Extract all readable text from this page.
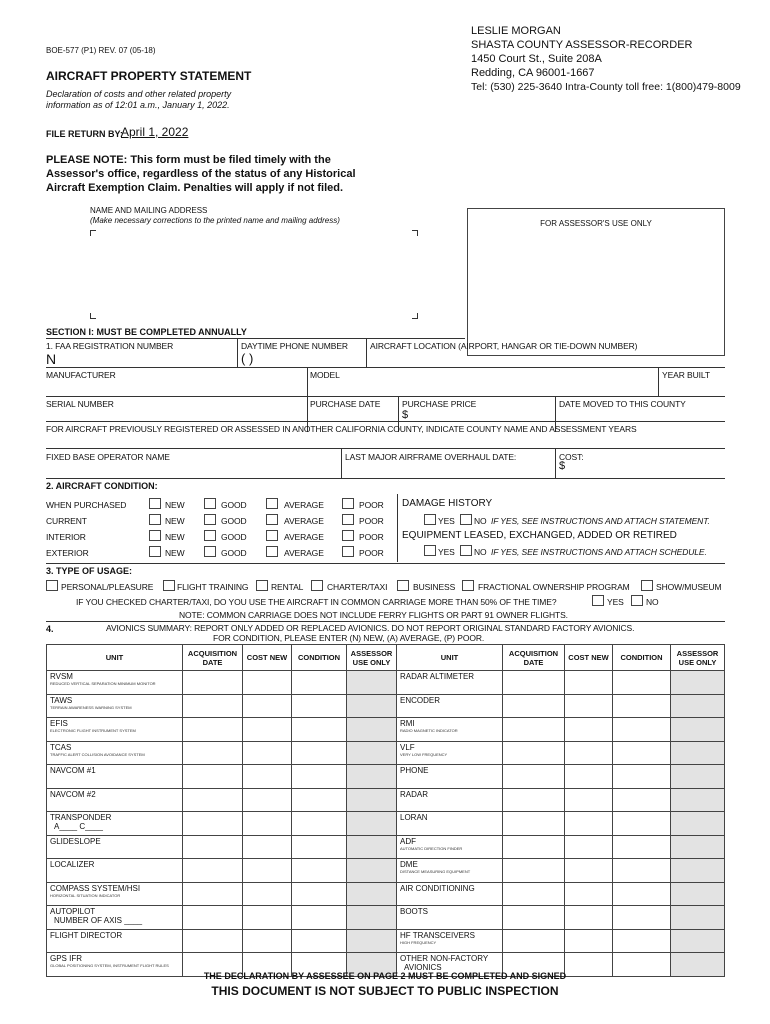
BOE-577 (P1) REV. 07 (05-18)
AIRCRAFT PROPERTY STATEMENT
Declaration of costs and other related property
information as of 12:01 a.m., January 1, 2022.
FILE RETURN BY:
April 1, 2022
PLEASE NOTE: This form must be filed timely with the
Assessor's office, regardless of the status of any Historical
Aircraft Exemption Claim. Penalties will apply if not filed.
LESLIE MORGAN
SHASTA COUNTY ASSESSOR-RECORDER
1450 Court St., Suite 208A
Redding, CA 96001-1667
Tel: (530) 225-3640 Intra-County toll free: 1(800)479-8009
NAME AND MAILING ADDRESS
(Make necessary corrections to the printed name and mailing address)	FOR ASSESSOR'S USE ONLY
SECTION I: MUST BE COMPLETED ANNUALLY
1. FAA REGISTRATION NUMBER
N
DAYTIME PHONE NUMBER
( )
AIRCRAFT LOCATION (AIRPORT, HANGAR OR TIE-DOWN NUMBER)
MANUFACTURER	MODEL	YEAR BUILT
SERIAL NUMBER	PURCHASE DATE	PURCHASE PRICE
$
DATE MOVED TO THIS COUNTY
FOR AIRCRAFT PREVIOUSLY REGISTERED OR ASSESSED IN ANOTHER CALIFORNIA COUNTY, INDICATE COUNTY NAME AND ASSESSMENT YEARS
FIXED BASE OPERATOR NAME	LAST MAJOR AIRFRAME OVERHAUL DATE:	COST:
$
2. AIRCRAFT CONDITION:
WHEN PURCHASED
CURRENT
INTERIOR
EXTERIOR
NEW	GOOD	AVERAGE	POOR
NEW	GOOD	AVERAGE	POOR
NEW	GOOD	AVERAGE	POOR
NEW	GOOD	AVERAGE	POOR
DAMAGE HISTORY
YES NO IF YES, SEE INSTRUCTIONS AND ATTACH STATEMENT.
EQUIPMENT LEASED, EXCHANGED, ADDED OR RETIRED
YES NO IF YES, SEE INSTRUCTIONS AND ATTACH SCHEDULE.
3. TYPE OF USAGE:
PERSONAL/PLEASURE	FLIGHT TRAINING	RENTAL	CHARTER/TAXI	BUSINESS	FRACTIONAL OWNERSHIP PROGRAM	SHOW/MUSEUM
IF YOU CHECKED CHARTER/TAXI, DO YOU USE THE AIRCRAFT IN COMMON CARRIAGE MORE THAN 50% OF THE TIME?	YES	NO
NOTE: COMMON CARRIAGE DOES NOT INCLUDE FERRY FLIGHTS OR PART 91 OWNER FLIGHTS.
4.	AVIONICS SUMMARY: REPORT ONLY ADDED OR REPLACED AVIONICS. DO NOT REPORT ORIGINAL STANDARD FACTORY AVIONICS.
FOR CONDITION, PLEASE ENTER (N) NEW, (A) AVERAGE, (P) POOR.
UNIT	ACQUISITION DATE	COST NEW	CONDITION	ASSESSOR USE ONLY	UNIT	ACQUISITION DATE	COST NEW	CONDITION	ASSESSOR USE ONLY
RVSM
REDUCED VERTICAL SEPARATION MINIMUM MONITOR					RADAR ALTIMETER				
TAWS
TERRAIN AWARENESS WARNING SYSTEM					ENCODER				
EFIS
ELECTRONIC FLIGHT INSTRUMENT SYSTEM					RMI
RADIO MAGNETIC INDICATOR				

TCAS
TRAFFIC ALERT COLLISION AVOIDANCE SYSTEM					VLF
VERY LOW FREQUENCY				

NAVCOM #1					PHONE				
NAVCOM #2					RADAR				
TRANSPONDER
A____ C____					LORAN				
GLIDESLOPE					ADF
AUTOMATIC DIRECTION FINDER				

LOCALIZER					DME
DISTANCE MEASURING EQUIPMENT				

COMPASS SYSTEM/HSI
HORIZONTAL SITUATION INDICATOR					AIR CONDITIONING				
AUTOPILOT
NUMBER OF AXIS ____					BOOTS				
FLIGHT DIRECTOR					HF TRANSCEIVERS
HIGH FREQUENCY				

GPS IFR
GLOBAL POSITIONING SYSTEM, INSTRUMENT FLIGHT RULES					OTHER NON-FACTORY
AVIONICS				

THE DECLARATION BY ASSESSEE ON PAGE 2 MUST BE COMPLETED AND SIGNED
THIS DOCUMENT IS NOT SUBJECT TO PUBLIC INSPECTION
